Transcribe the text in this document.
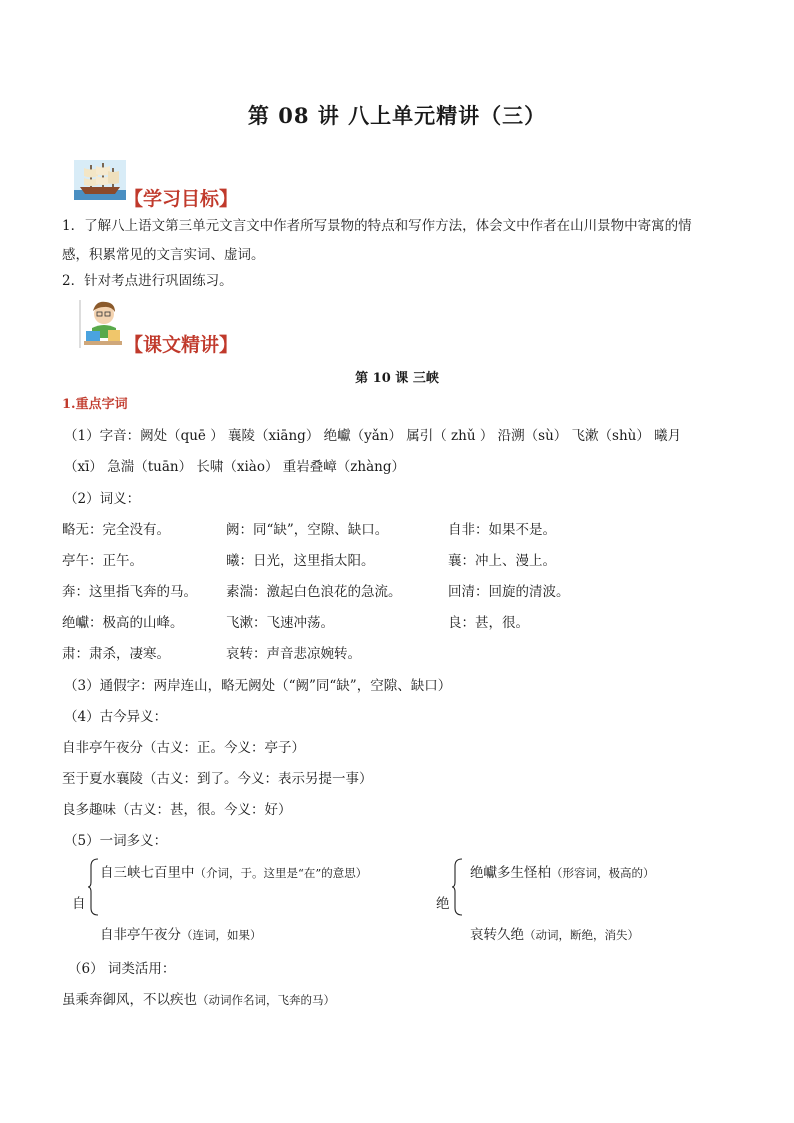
第 08 讲 八上单元精讲（三）
【学习目标】
1．了解八上语文第三单元文言文中作者所写景物的特点和写作方法，体会文中作者在山川景物中寄寓的情
感，积累常见的文言实词、虚词。
2．针对考点进行巩固练习。
【课文精讲】
第 10 课 三峡
1.重点字词
（1）字音：阙处（quē ） 襄陵（xiāng） 绝巘（yǎn） 属引（ zhǔ ） 沿溯（sù） 飞漱（shù） 曦月
（xī） 急湍（tuān） 长啸（xiào） 重岩叠嶂（zhàng）
（2）词义：
略无：完全没有。	阙：同“缺”，空隙、缺口。	自非：如果不是。
亭午：正午。	曦：日光，这里指太阳。	襄：冲上、漫上。
奔：这里指飞奔的马。 素湍：激起白色浪花的急流。	回清：回旋的清波。
绝巘：极高的山峰。	飞漱：飞速冲荡。	良：甚，很。
肃：肃杀，凄寒。	哀转：声音悲凉婉转。
（3）通假字：两岸连山，略无阙处（“阙”同“缺”，空隙、缺口）
（4）古今异义：
自非亭午夜分（古义：正。今义：亭子）
至于夏水襄陵（古义：到了。今义：表示另提一事）
良多趣味（古义：甚，很。今义：好）
（5）一词多义：
自
自三峡七百里中（介词，于。这里是“在”的意思）
自非亭午夜分（连词，如果）
绝
绝巘多生怪柏（形容词，极高的）
哀转久绝（动词，断绝，消失）
（6） 词类活用：
虽乘奔御风，不以疾也（动词作名词，飞奔的马）
